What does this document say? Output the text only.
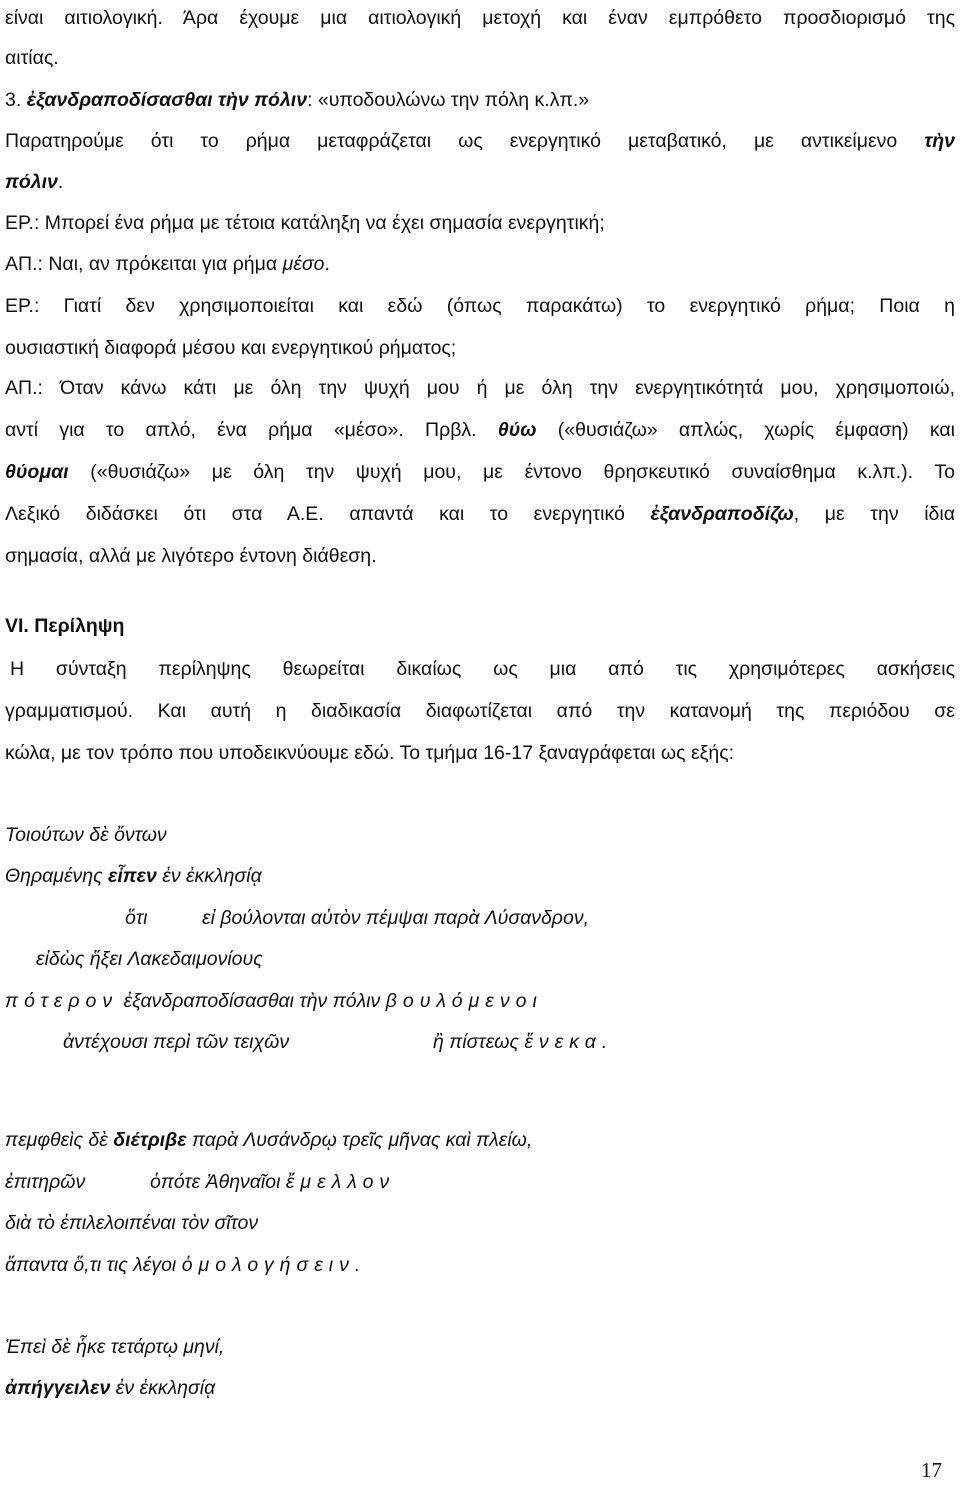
είναι αιτιολογική. Άρα έχουμε μια αιτιολογική μετοχή και έναν εμπρόθετο προσδιορισμό της
αιτίας.
3. ἐξανδραποδίσασθαι τὴν πόλιν: «υποδουλώνω την πόλη κ.λπ.»
Παρατηρούμε ότι το ρήμα μεταφράζεται ως ενεργητικό μεταβατικό, με αντικείμενο τὴν
πόλιν.
ΕΡ.: Μπορεί ένα ρήμα με τέτοια κατάληξη να έχει σημασία ενεργητική;
ΑΠ.: Ναι, αν πρόκειται για ρήμα μέσο.
ΕΡ.: Γιατί δεν χρησιμοποιείται και εδώ (όπως παρακάτω) το ενεργητικό ρήμα; Ποια η
ουσιαστική διαφορά μέσου και ενεργητικού ρήματος;
ΑΠ.: Όταν κάνω κάτι με όλη την ψυχή μου ή με όλη την ενεργητικότητά μου, χρησιμοποιώ,
αντί για το απλό, ένα ρήμα «μέσο». Πρβλ. θύω («θυσιάζω» απλώς, χωρίς έμφαση) και
θύομαι («θυσιάζω» με όλη την ψυχή μου, με έντονο θρησκευτικό συναίσθημα κ.λπ.). Το
Λεξικό διδάσκει ότι στα Α.Ε. απαντά και το ενεργητικό ἐξανδραποδίζω, με την ίδια
σημασία, αλλά με λιγότερο έντονη διάθεση.
VI. Περίληψη
Η σύνταξη περίληψης θεωρείται δικαίως ως μια από τις χρησιμότερες ασκήσεις
γραμματισμού. Και αυτή η διαδικασία διαφωτίζεται από την κατανομή της περιόδου σε
κώλα, με τον τρόπο που υποδεικνύουμε εδώ. Το τμήμα 16-17 ξαναγράφεται ως εξής:
Τοιούτων δὲ ὄντων
Θηραμένης εἶπεν ἐν ἐκκλησίᾳ
ὅτι	εἰ βούλονται αὐτὸν πέμψαι παρὰ Λύσανδρον,
εἰδὼς ἥξει Λακεδαιμονίους
πότερον ἐξανδραποδίσασθαι τὴν πόλιν βουλόμενοι
ἀντέχουσι περὶ τῶν τειχῶν	ἢ πίστεως ἕνεκα.
πεμφθεὶς δὲ διέτριβε παρὰ Λυσάνδρῳ τρεῖς μῆνας καὶ πλείω,
ἐπιτηρῶν	ὁπότε Ἀθηναῖοι ἔμελλον
διὰ τὸ ἐπιλελοιπέναι τὸν σῖτον
ἅπαντα ὅ,τι τις λέγοι ὁμολογήσειν.
Ἐπεὶ δὲ ἧκε τετάρτῳ μηνί,
ἀπήγγειλεν ἐν ἐκκλησίᾳ
17
